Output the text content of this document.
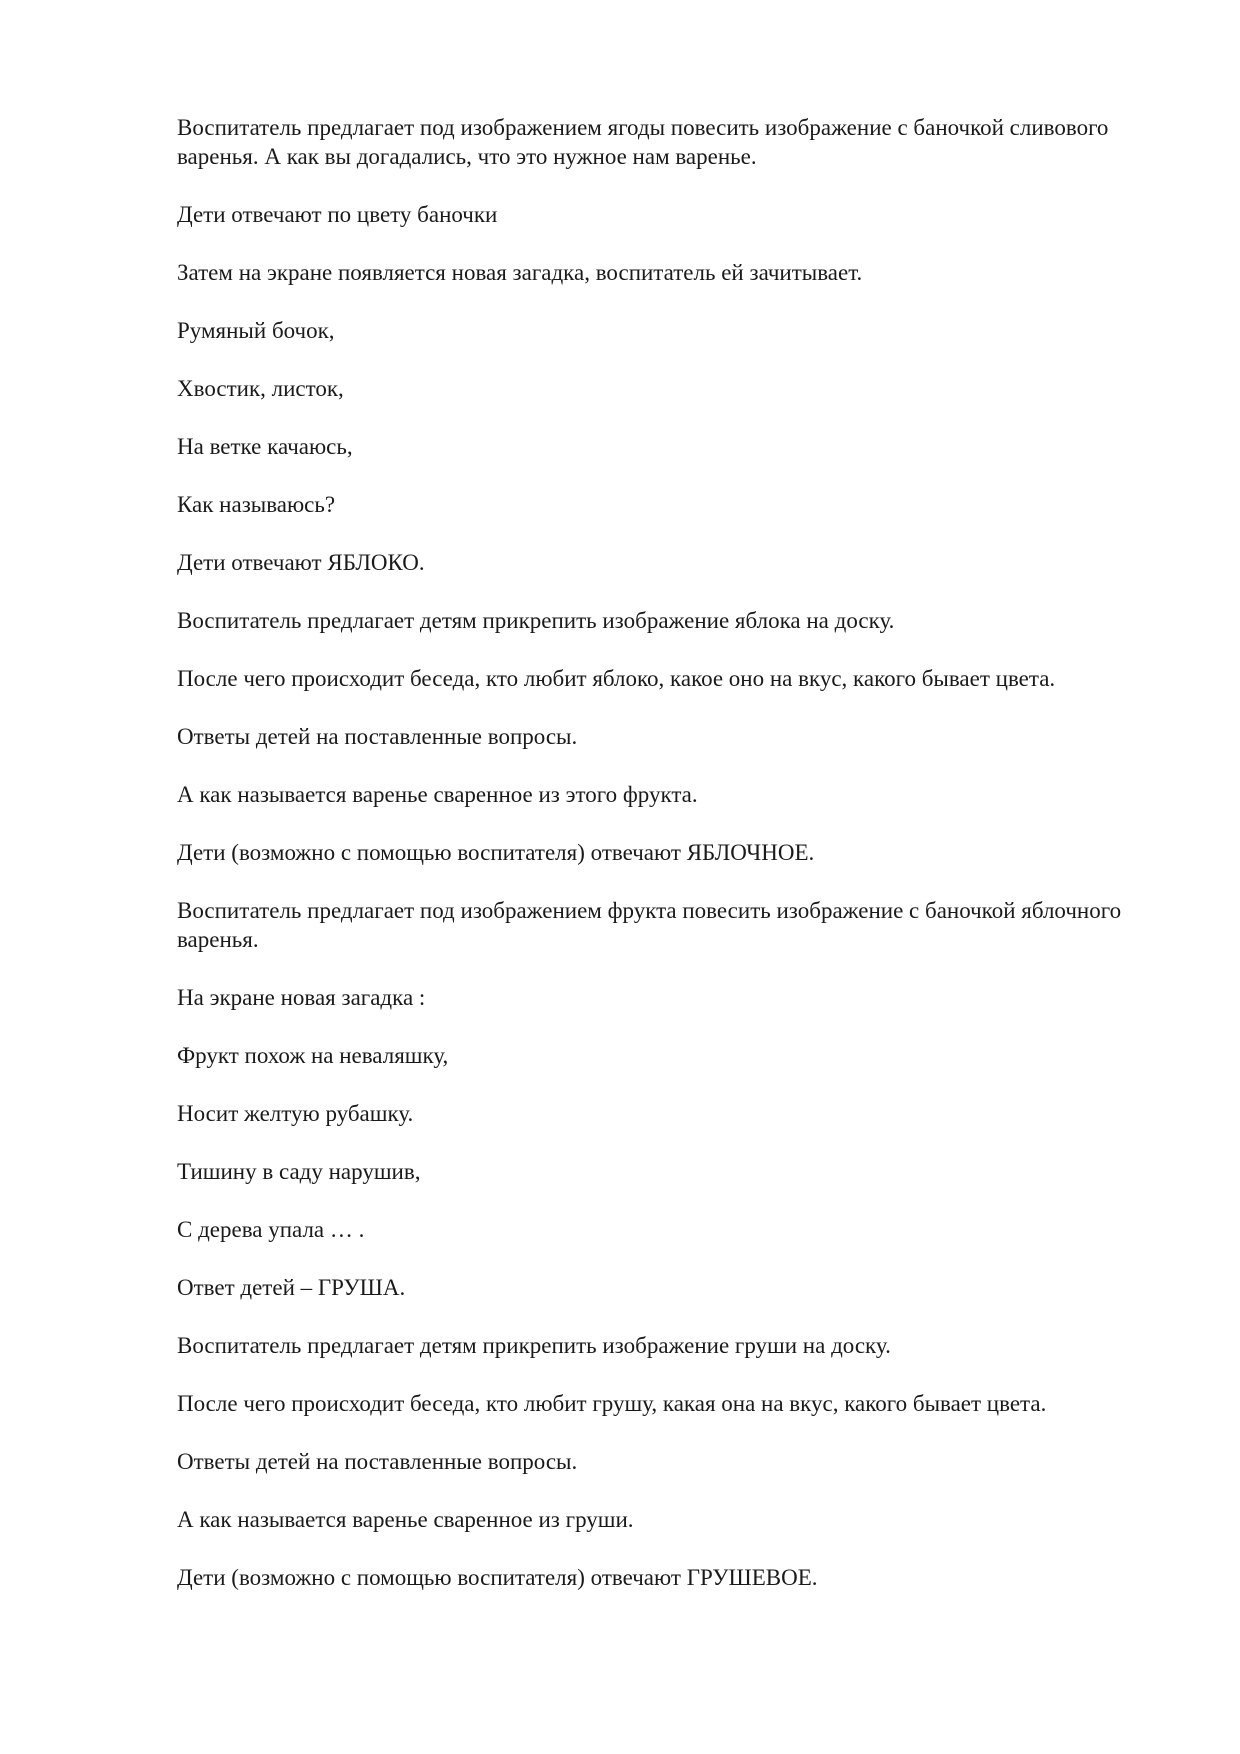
Воспитатель предлагает под изображением ягоды повесить изображение с баночкой сливового варенья. А как вы догадались, что это нужное нам варенье.

Дети отвечают по цвету баночки

Затем на экране появляется новая загадка, воспитатель ей зачитывает.

Румяный бочок,

Хвостик, листок,

На ветке качаюсь,

Как называюсь?

Дети отвечают ЯБЛОКО.

Воспитатель предлагает детям прикрепить изображение яблока на доску.

После чего происходит беседа, кто любит яблоко, какое оно на вкус, какого бывает цвета.

Ответы детей на поставленные вопросы.

А как называется варенье сваренное из этого фрукта.

Дети (возможно с помощью воспитателя) отвечают ЯБЛОЧНОЕ.

Воспитатель предлагает под изображением фрукта повесить изображение с баночкой яблочного варенья.

На экране новая загадка :

Фрукт похож на неваляшку,

Носит желтую рубашку.

Тишину в саду нарушив,

С дерева упала … .

Ответ детей – ГРУША.

Воспитатель предлагает детям прикрепить изображение груши на доску.

После чего происходит беседа, кто любит грушу, какая она на вкус, какого бывает цвета.

Ответы детей на поставленные вопросы.

А как называется варенье сваренное из груши.

Дети (возможно с помощью воспитателя) отвечают ГРУШЕВОЕ.
